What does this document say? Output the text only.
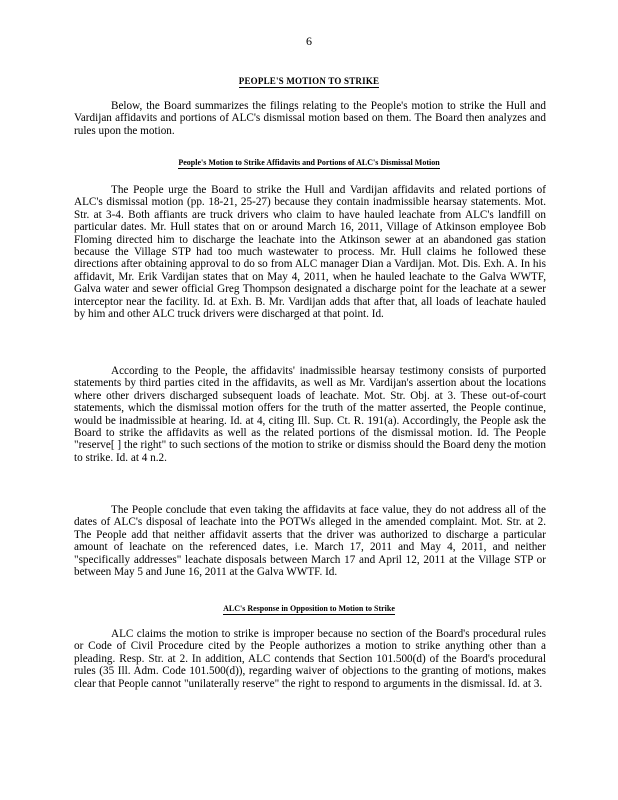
6
PEOPLE'S MOTION TO STRIKE

Below, the Board summarizes the filings relating to the People's motion to strike the Hull and Vardijan affidavits and portions of ALC's dismissal motion based on them. The Board then analyzes and rules upon the motion.

People's Motion to Strike Affidavits and Portions of ALC's Dismissal Motion

The People urge the Board to strike the Hull and Vardijan affidavits and related portions of ALC's dismissal motion (pp. 18-21, 25-27) because they contain inadmissible hearsay statements. Mot. Str. at 3-4. Both affiants are truck drivers who claim to have hauled leachate from ALC's landfill on particular dates. Mr. Hull states that on or around March 16, 2011, Village of Atkinson employee Bob Floming directed him to discharge the leachate into the Atkinson sewer at an abandoned gas station because the Village STP had too much wastewater to process. Mr. Hull claims he followed these directions after obtaining approval to do so from ALC manager Dian a Vardijan. Mot. Dis. Exh. A. In his affidavit, Mr. Erik Vardijan states that on May 4, 2011, when he hauled leachate to the Galva WWTF, Galva water and sewer official Greg Thompson designated a discharge point for the leachate at a sewer interceptor near the facility. Id. at Exh. B. Mr. Vardijan adds that after that, all loads of leachate hauled by him and other ALC truck drivers were discharged at that point. Id.

According to the People, the affidavits' inadmissible hearsay testimony consists of purported statements by third parties cited in the affidavits, as well as Mr. Vardijan's assertion about the locations where other drivers discharged subsequent loads of leachate. Mot. Str. Obj. at 3. These out-of-court statements, which the dismissal motion offers for the truth of the matter asserted, the People continue, would be inadmissible at hearing. Id. at 4, citing Ill. Sup. Ct. R. 191(a). Accordingly, the People ask the Board to strike the affidavits as well as the related portions of the dismissal motion. Id. The People "reserve[ ] the right" to such sections of the motion to strike or dismiss should the Board deny the motion to strike. Id. at 4 n.2.

The People conclude that even taking the affidavits at face value, they do not address all of the dates of ALC's disposal of leachate into the POTWs alleged in the amended complaint. Mot. Str. at 2. The People add that neither affidavit asserts that the driver was authorized to discharge a particular amount of leachate on the referenced dates, i.e. March 17, 2011 and May 4, 2011, and neither "specifically addresses" leachate disposals between March 17 and April 12, 2011 at the Village STP or between May 5 and June 16, 2011 at the Galva WWTF. Id.

ALC's Response in Opposition to Motion to Strike

ALC claims the motion to strike is improper because no section of the Board's procedural rules or Code of Civil Procedure cited by the People authorizes a motion to strike anything other than a pleading. Resp. Str. at 2. In addition, ALC contends that Section 101.500(d) of the Board's procedural rules (35 Ill. Adm. Code 101.500(d)), regarding waiver of objections to the granting of motions, makes clear that People cannot "unilaterally reserve" the right to respond to arguments in the dismissal. Id. at 3.
